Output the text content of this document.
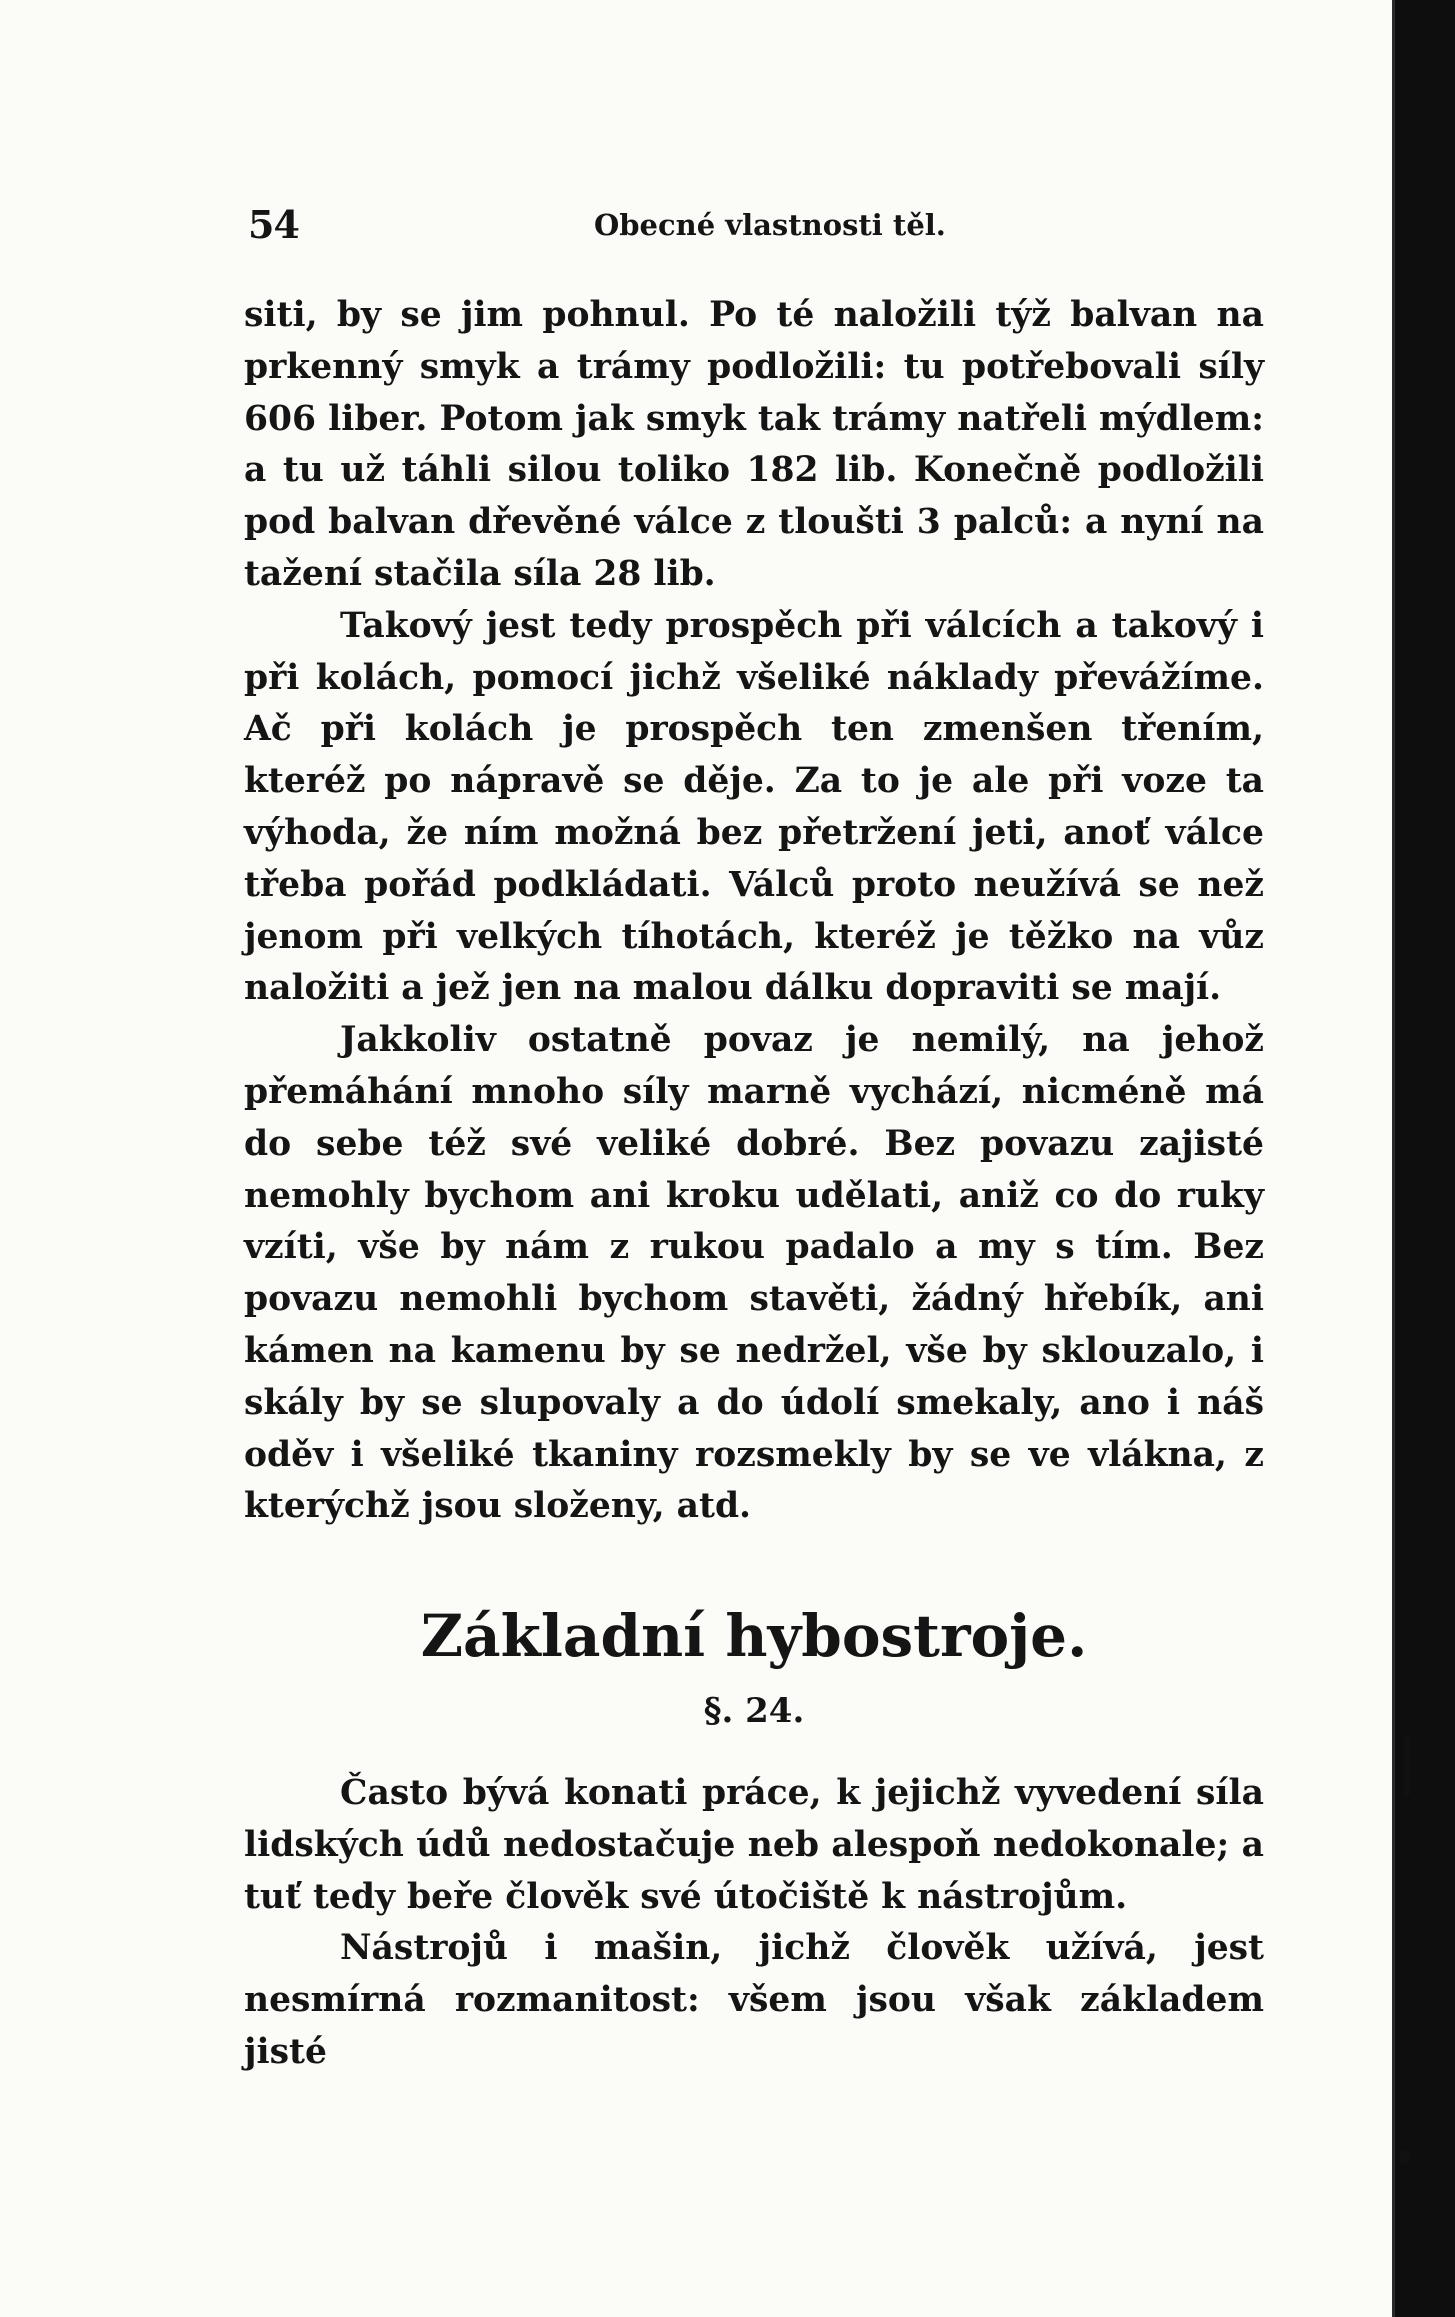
54	Obecné vlastnosti těl.

siti, by se jim pohnul. Po té naložili týž balvan na prkenný smyk a trámy podložili: tu potřebovali síly 606 liber. Potom jak smyk tak trámy natřeli mýdlem: a tu už táhli silou toliko 182 lib. Konečně podložili pod balvan dřevěné válce z tloušti 3 palců: a nyní na tažení stačila síla 28 lib.

Takový jest tedy prospěch při válcích a takový i při kolách, pomocí jichž všeliké náklady převážíme. Ač při kolách je prospěch ten zmenšen třením, kteréž po nápravě se děje. Za to je ale při voze ta výhoda, že ním možná bez přetržení jeti, anoť válce třeba pořád podkládati. Válců proto neužívá se než jenom při velkých tíhotách, kteréž je těžko na vůz naložiti a jež jen na malou dálku dopraviti se mají.

Jakkoliv ostatně povaz je nemilý, na jehož přemáhání mnoho síly marně vychází, nicméně má do sebe též své veliké dobré. Bez povazu zajisté nemohly bychom ani kroku udělati, aniž co do ruky vzíti, vše by nám z rukou padalo a my s tím. Bez povazu nemohli bychom stavěti, žádný hřebík, ani kámen na kamenu by se nedržel, vše by sklouzalo, i skály by se slupovaly a do údolí smekaly, ano i náš oděv i všeliké tkaniny rozsmekly by se ve vlákna, z kterýchž jsou složeny, atd.

Základní hybostroje.
§. 24.

Často bývá konati práce, k jejichž vyvedení síla lidských údů nedostačuje neb alespoň nedokonale; a tuť tedy beře člověk své útočiště k nástrojům.

Nástrojů i mašin, jichž člověk užívá, jest nesmírná rozmanitost: všem jsou však základem jisté
